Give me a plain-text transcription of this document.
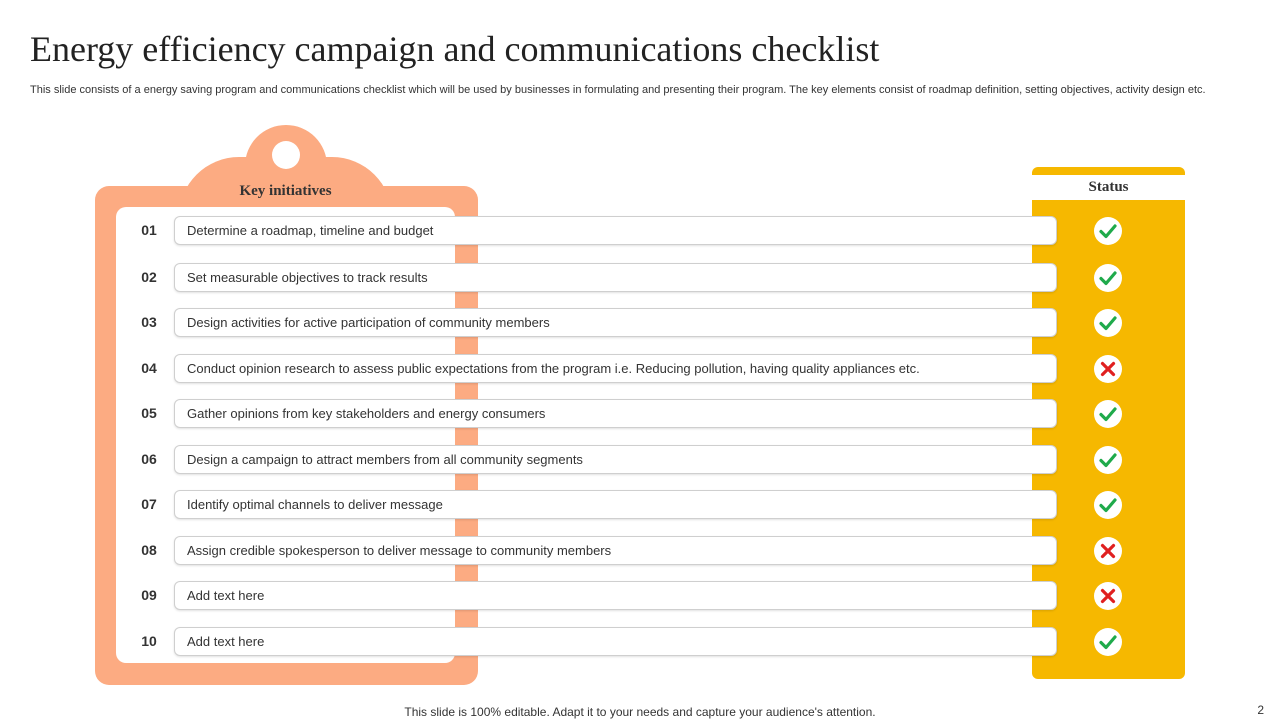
Energy efficiency campaign and communications checklist

This slide consists of a energy saving program and communications checklist which will be used by businesses in formulating and presenting their program. The key elements consist of roadmap definition, setting objectives, activity design etc.

Key initiatives	Status
01	Determine a roadmap, timeline and budget
02	Set measurable objectives to track results
03	Design activities for active participation of community members
04	Conduct opinion research to assess public expectations from the program i.e. Reducing pollution, having quality appliances etc.
05	Gather opinions from key stakeholders and energy consumers
06	Design a campaign to attract members from all community segments
07	Identify optimal channels to deliver message
08	Assign credible spokesperson to deliver message to community members
09	Add text here
10	Add text here
This slide is 100% editable. Adapt it to your needs and capture your audience's attention.	2
